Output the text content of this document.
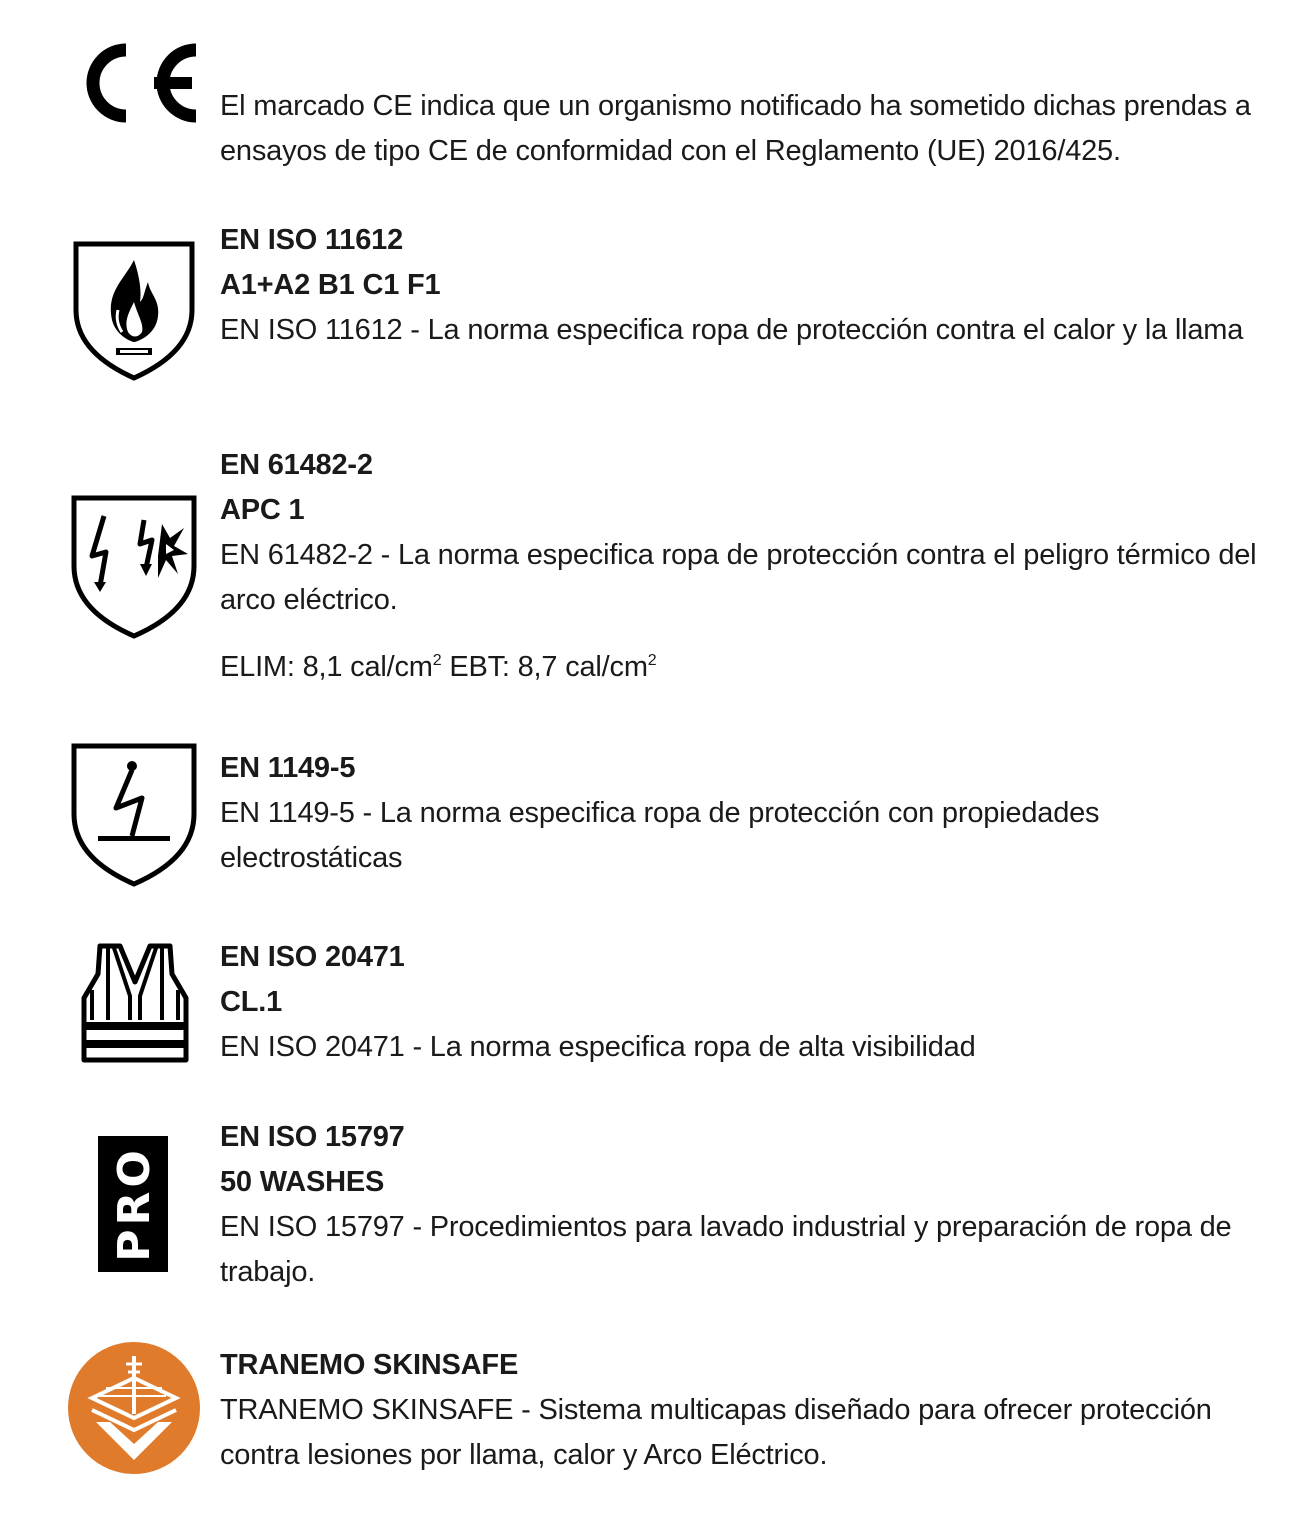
El marcado CE indica que un organismo notificado ha sometido dichas prendas a ensayos de tipo CE de conformidad con el Reglamento (UE) 2016/425.
EN ISO 11612
A1+A2 B1 C1 F1
EN ISO 11612 - La norma especifica ropa de protección contra el calor y la llama
EN 61482-2
APC 1
EN 61482-2 - La norma especifica ropa de protección contra el peligro térmico del arco eléctrico.
ELIM: 8,1 cal/$cm^2$ EBT: 8,7 cal/$cm^2$
EN 1149-5
EN 1149-5 - La norma especifica ropa de protección con propiedades electrostáticas
EN ISO 20471
CL.1
EN ISO 20471 - La norma especifica ropa de alta visibilidad
PRO
EN ISO 15797
50 WASHES
EN ISO 15797 - Procedimientos para lavado industrial y preparación de ropa de trabajo.
TRANEMO SKINSAFE
TRANEMO SKINSAFE - Sistema multicapas diseñado para ofrecer protección contra lesiones por llama, calor y Arco Eléctrico.
